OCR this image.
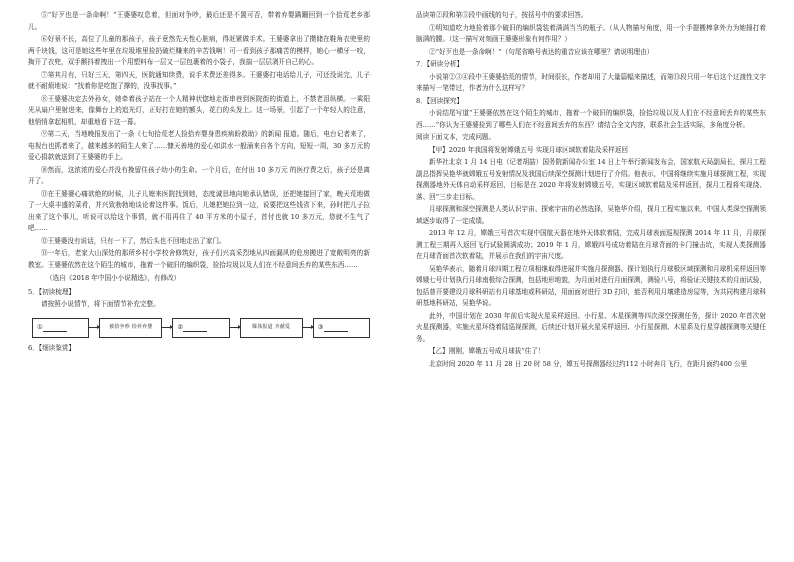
⑤“好歹也是一条命啊！”王婆婆叹息着，但面对争吵，最后还是不置可否，带着弃婴蹒跚回到一个拾荒老乡那儿。

⑥好景不长，高位了儿童的那孩子，孩子竟然先天性心脏病，得赶紧做手术。王婆婆拿出了攒储在鞋角衣兜里的两千块钱，这可是她这些年里在垃圾堆里捡扔破烂赚来的辛苦钱啊！可一看到孩子那痛苦的模样，她心一横牙一咬，掏开了衣兜，双手颤抖着拽出一个用塑料布一层又一层包裹着的小袋子，我揣一层层剥开自己的心。

⑦第其月有，只好三天，第四天，医院通知续费，说手术费还差得多。王婆婆打电话给儿子，可还没说完，儿子就不耐烦地说：“找着你是吃饱了撑的，没事找事。”

⑧王婆婆决定去外孙女，她牵着孩子站在一个人精神状惚地走街串巷到医院街的街道上，不禁老泪纵横。一乘阳光从扇户里射进来，像舞台上的追光灯，正好打在她的额头，花白的头发上。这一场景，引起了一个年轻人的注意，他悄悄拿起相机，却重地看下这一幕。

⑨第二天，当地晚报发出了一条《七旬拾荒老人捡拾弃婴身患疾病盼救助》的新闻 报道。随后，电台记者来了，电视台也抓者来了，越来越多的陌生人来了……慷天善地的爱心如洪水一般涌来自各个方向，短短一周，30 多万元的爱心捐款就送到了王婆婆的手上。

⑩然而，这浓浓的爱心并没有挽留住孩子幼小的生命。一个月后，在付出 10 多万元 的医疗费之后，孩子还是离开了。

⑪在王婆婆心痛欲绝的时候，儿子儿媳来医院找到她，态度诚恳地向她承认错误，还把她接回了家，晚天荒地做了一大桌丰盛的菜肴，并兴致勃勃地谈论着这件事。饭后，儿媳把她拉到一边，说要把这些钱省下来，孙时把儿子拉出来了这个事儿，听说可以给这个事情，就不用再住了 40 平方米的小屋子，首付也就 10 多万元，您就不生气了吧……

⑫王婆婆没有说话，只有一下了，然后头也不回地走出了家门。

⑬一年后，老家大山深处的那所乡村小学校舍修筑好，孩子们兴高采烈地从四面漏风的危房搬进了宽敞明亮的新教室。王婆婆依然在这个陌生的城市，拖着一个破旧的编织袋，捡拾垃圾以及人们在不经意间丢弃的某些东西……

（选自《2018 年中国小小说精选》，有修改）

5．【初读梳理】

请按照小说情节，将下面情节补充完整。

①	被拾争吵 拾养弃婴	②	媒体报道 齐献爱	③

6．【细读鉴赏】

品读第②段和第⑤段中画线的句子，按括号中的要求回答。

①明知道吃力地捡着那个破旧的编织袋装着满满当当的瓶子。（从人物描写角度，用一个手提搬棒拿外力为她捶打着脑满的腰。（这一描写对刻画王婆婆形象有何作用？）

②“好歹也是一条命啊！”（句尾省略号表达的重音应该在哪里？请说明理由）

7．【研读分析】

小说第②③④段中王婆婆拾荒的情节，时间很长，作者却用了大量篇幅来描述，而第⑬段只用一年后这个过渡性文字来描写一笔带过，作者为什么这样写？

8．【回读探究】

小说结尾写道“王婆婆依然在这个陌生的城市，拖着一个破旧的编织袋，捡拾垃圾以及人们在不经意间丢弃的某些东西……”你认为王婆婆捡到了哪些人们在不经意间丢弃的东西？请结合全文内容，联系社会生活实际，多角度分析。

阅读下面文本，完成问题。

【甲】2020 年我国将发射嫦娥五号 实现月球区域软着陆及采样返回

新华社北京 1 月 14 日电（记者胡喆）国务院新闻办公室 14 日上午举行新闻发布会，国家航天局副局长，探月工程副总指挥吴艳华就嫦娥五号发射情况及我国后续深空探测计划进行了介绍。他表示，中国将继续实施月球探测工程，实现探测器地外天体自动采样返回，目标是在 2020 年将发射嫦娥五号，实现区域软着陆及采样返回，探月工程将实现绕、落、回”三步走目标。

月球探测和深空探测是人类认识宇宙、探索宇宙的必然选择，吴艳华介绍，探月工程实施以来，中国人类深空探测领域逐步取得了一定成绩。

2013 年 12 月，嫦娥三号首次实现中国航天器在地外天体软着陆，完成月球表面巡视探测 2014 年 11 月，月球探测工程三期再入返回飞行试验圆满成功；2019 年 1 月，嫦娥四号成功着陆在月球背面的卡门撞击坑，实现人类探测器在月球背面首次软着陆，并展示在我们的宇宙尺度。

吴艳华表示，随着月球四期工程立项相继取得进展并实施月探测器。探计划执行月球极区域探测和月球机采样返回等嫦娥七号计划执行月球南极综合探测，包括地形地貌，为月面对进行月面探测，测验八号，将验证关键技术的月面试验，包括普开要建设月球科研站有月球基地或科研站，用面面对进行 3D 打印，能否利用月壤建造房屋等，为共同构建月球科研基地科研站，吴艳华说。

此外，中国计划在 2030 年前后实现火星采样返回、小行星、木星探测等四次深空探测任务，探计 2020 年首次射火星探测器，实施火星环绕着陆巡视探测，后续还计划开展火星采样返回、小行星探测、木星系及行星穿越探测等关键任务。

【乙】刚刚，嫦娥五号成月球拔“住了！

北京时间 2020 年 11 月 28 日 20 时 58 分，嫦五号探测器经过约112 小时奔月飞行，在距月面约400 公里
